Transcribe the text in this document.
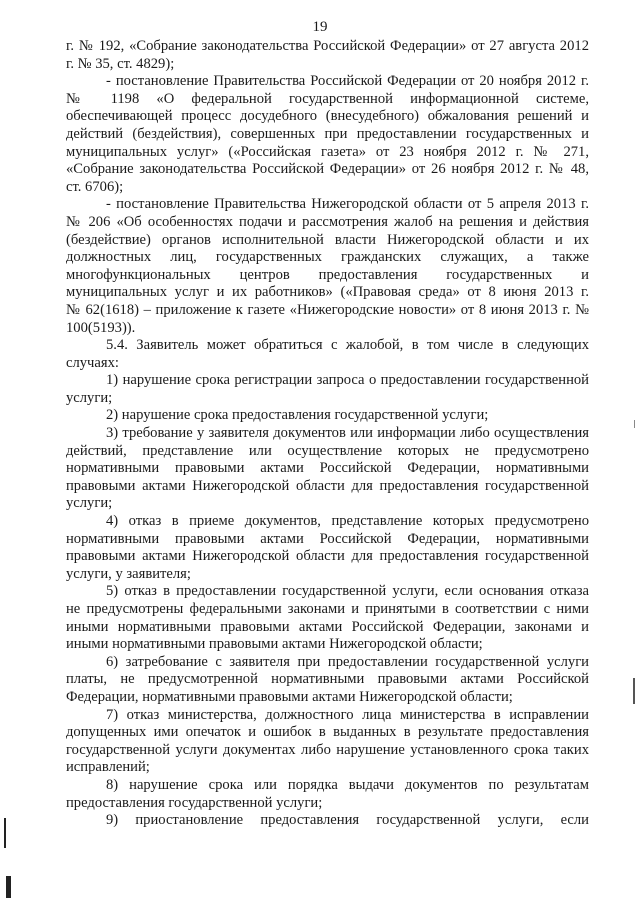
19
г. № 192, «Собрание законодательства Российской Федерации» от 27 августа 2012
г. № 35, ст. 4829);
- постановление Правительства Российской Федерации от 20 ноября 2012 г.
№ 1198 «О федеральной государственной информационной системе,
обеспечивающей процесс досудебного (внесудебного) обжалования решений и
действий (бездействия), совершенных при предоставлении государственных и
муниципальных услуг» («Российская газета» от 23 ноября 2012 г. № 271,
«Собрание законодательства Российской Федерации» от 26 ноября 2012 г. № 48,
ст. 6706);
- постановление Правительства Нижегородской области от 5 апреля 2013 г.
№ 206 «Об особенностях подачи и рассмотрения жалоб на решения и действия
(бездействие) органов исполнительной власти Нижегородской области и их
должностных лиц, государственных гражданских служащих, а также
многофункциональных центров предоставления государственных и
муниципальных услуг и их работников» («Правовая среда» от 8 июня 2013 г.
№ 62(1618) – приложение к газете «Нижегородские новости» от 8 июня 2013 г. №
100(5193)).
5.4. Заявитель может обратиться с жалобой, в том числе в следующих
случаях:
1) нарушение срока регистрации запроса о предоставлении государственной
услуги;
2) нарушение срока предоставления государственной услуги;
3) требование у заявителя документов или информации либо осуществления
действий, представление или осуществление которых не предусмотрено
нормативными правовыми актами Российской Федерации, нормативными
правовыми актами Нижегородской области для предоставления государственной
услуги;
4) отказ в приеме документов, представление которых предусмотрено
нормативными правовыми актами Российской Федерации, нормативными
правовыми актами Нижегородской области для предоставления государственной
услуги, у заявителя;
5) отказ в предоставлении государственной услуги, если основания отказа
не предусмотрены федеральными законами и принятыми в соответствии с ними
иными нормативными правовыми актами Российской Федерации, законами и
иными нормативными правовыми актами Нижегородской области;
6) затребование с заявителя при предоставлении государственной услуги
платы, не предусмотренной нормативными правовыми актами Российской
Федерации, нормативными правовыми актами Нижегородской области;
7) отказ министерства, должностного лица министерства в исправлении
допущенных ими опечаток и ошибок в выданных в результате предоставления
государственной услуги документах либо нарушение установленного срока таких
исправлений;
8) нарушение срока или порядка выдачи документов по результатам
предоставления государственной услуги;
9) приостановление предоставления государственной услуги, если
